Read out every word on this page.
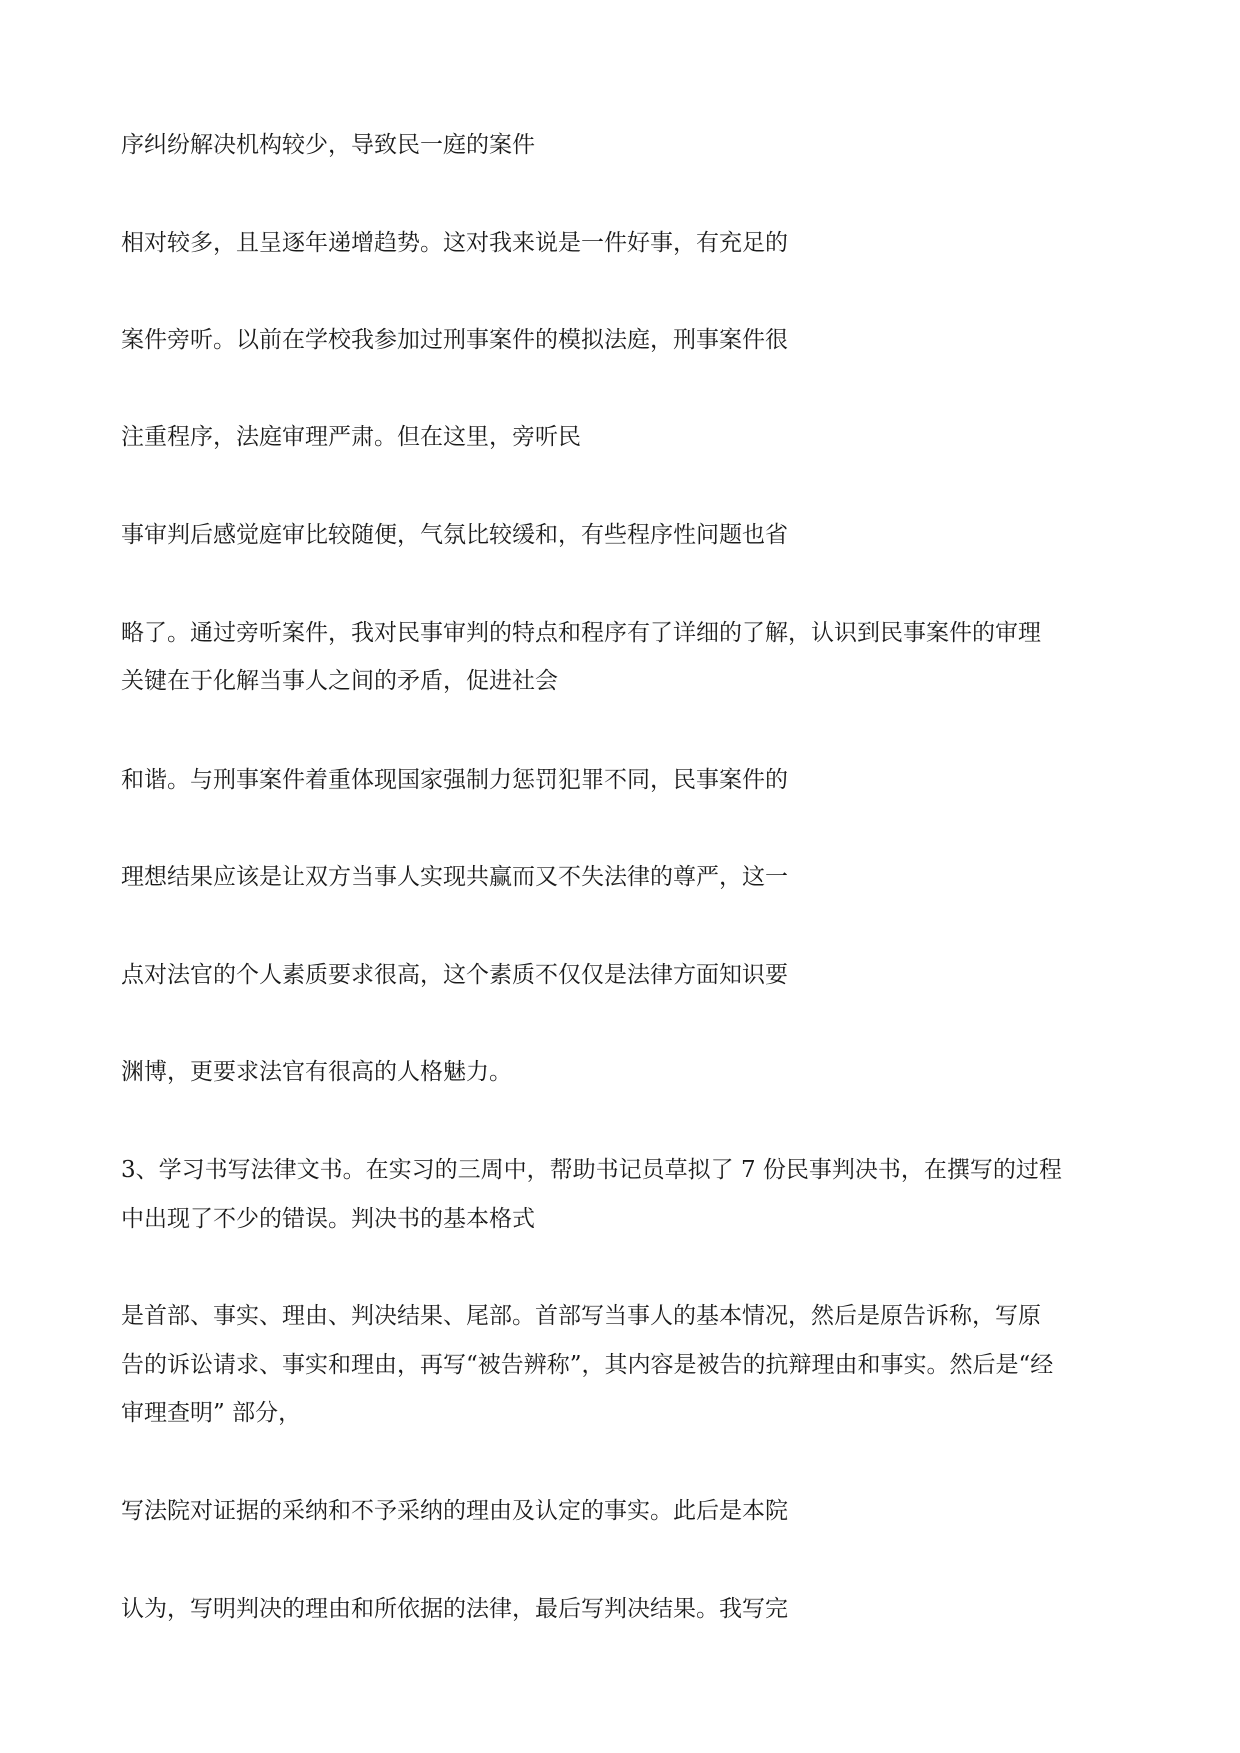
序纠纷解决机构较少，导致民一庭的案件

相对较多，且呈逐年递增趋势。这对我来说是一件好事，有充足的

案件旁听。以前在学校我参加过刑事案件的模拟法庭，刑事案件很

注重程序，法庭审理严肃。但在这里，旁听民

事审判后感觉庭审比较随便，气氛比较缓和，有些程序性问题也省

略了。通过旁听案件，我对民事审判的特点和程序有了详细的了解，认识到民事案件的审理

关键在于化解当事人之间的矛盾，促进社会

和谐。与刑事案件着重体现国家强制力惩罚犯罪不同，民事案件的

理想结果应该是让双方当事人实现共赢而又不失法律的尊严，这一

点对法官的个人素质要求很高，这个素质不仅仅是法律方面知识要

渊博，更要求法官有很高的人格魅力。

3、学习书写法律文书。在实习的三周中，帮助书记员草拟了 7 份民事判决书，在撰写的过程

中出现了不少的错误。判决书的基本格式

是首部、事实、理由、判决结果、尾部。首部写当事人的基本情况，然后是原告诉称，写原

告的诉讼请求、事实和理由，再写“被告辨称”，其内容是被告的抗辩理由和事实。然后是“经

审理查明” 部分，

写法院对证据的采纳和不予采纳的理由及认定的事实。此后是本院

认为，写明判决的理由和所依据的法律，最后写判决结果。我写完
